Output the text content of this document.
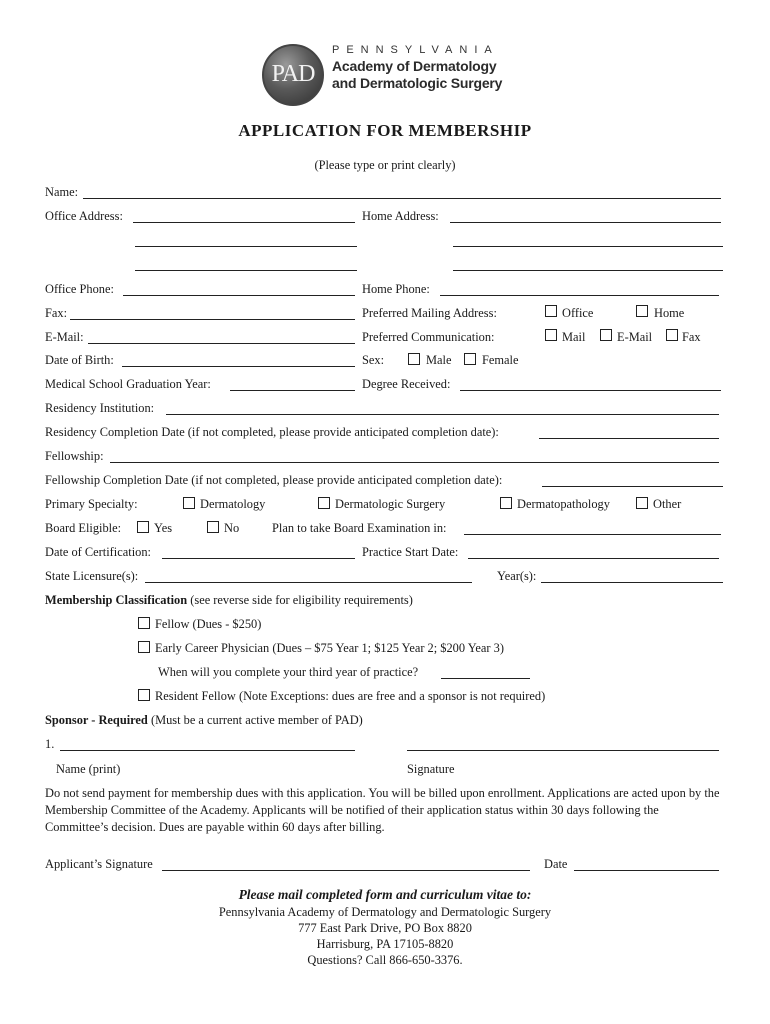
PAD
PENNSYLVANIA
Academy of Dermatology
and Dermatologic Surgery
APPLICATION FOR MEMBERSHIP
(Please type or print clearly)
Name:
Office Address:	Home Address:
Office Phone:	Home Phone:
Fax:	Preferred Mailing Address:	Office	Home
E-Mail:	Preferred Communication:	Mail	E-Mail Fax
Date of Birth:	Sex:	Male Female
Medical School Graduation Year:	Degree Received:
Residency Institution:
Residency Completion Date (if not completed, please provide anticipated completion date):
Fellowship:
Fellowship Completion Date (if not completed, please provide anticipated completion date):
Primary Specialty:	Dermatology	Dermatologic Surgery	Dermatopathology	Other
Board Eligible:	Yes	No	Plan to take Board Examination in:
Date of Certification:	Practice Start Date:
State Licensure(s):	Year(s):
Membership Classification (see reverse side for eligibility requirements)
Fellow (Dues - $250)
Early Career Physician (Dues – $75 Year 1; $125 Year 2; $200 Year 3)
When will you complete your third year of practice?
Resident Fellow (Note Exceptions: dues are free and a sponsor is not required)
Sponsor - Required (Must be a current active member of PAD)
1.
Name (print)	Signature
Do not send payment for membership dues with this application. You will be billed upon enrollment. Applications are acted upon by the Membership Committee of the Academy. Applicants will be notified of their application status within 30 days following the Committee’s decision. Dues are payable within 60 days after billing.
Applicant’s Signature	Date
Please mail completed form and curriculum vitae to:
Pennsylvania Academy of Dermatology and Dermatologic Surgery
777 East Park Drive, PO Box 8820
Harrisburg, PA 17105-8820
Questions? Call 866-650-3376.
